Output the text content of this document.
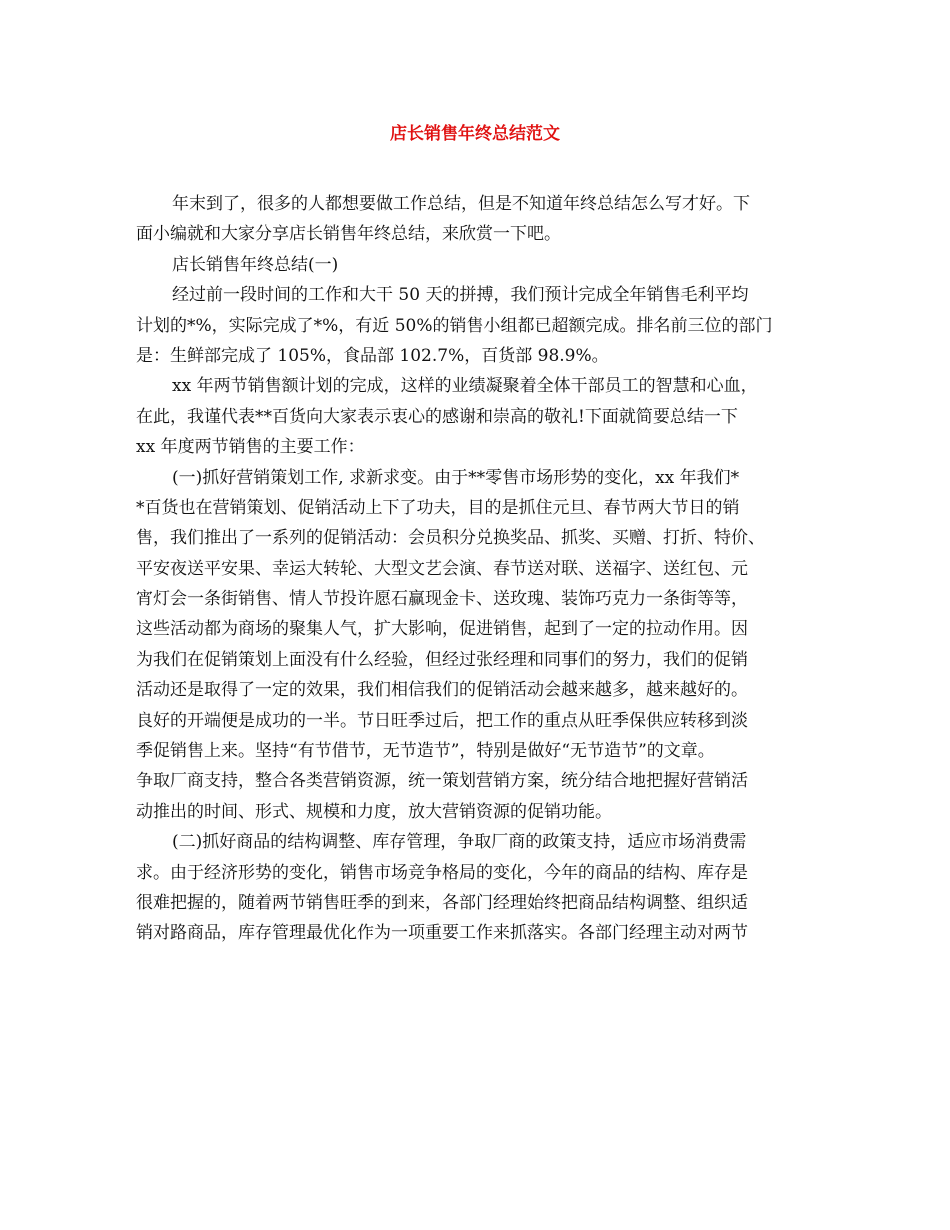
店长销售年终总结范文
年末到了，很多的人都想要做工作总结，但是不知道年终总结怎么写才好。下
面小编就和大家分享店长销售年终总结，来欣赏一下吧。
店长销售年终总结(一)
经过前一段时间的工作和大干 50 天的拼搏，我们预计完成全年销售毛利平均
计划的*%，实际完成了*%，有近 50%的销售小组都已超额完成。排名前三位的部门
是：生鲜部完成了 105%，食品部 102.7%，百货部 98.9%。
xx 年两节销售额计划的完成，这样的业绩凝聚着全体干部员工的智慧和心血，
在此，我谨代表**百货向大家表示衷心的感谢和崇高的敬礼!下面就简要总结一下
xx 年度两节销售的主要工作：
(一)抓好营销策划工作, 求新求变。由于**零售市场形势的变化，xx 年我们*
*百货也在营销策划、促销活动上下了功夫，目的是抓住元旦、春节两大节日的销
售，我们推出了一系列的促销活动：会员积分兑换奖品、抓奖、买赠、打折、特价、
平安夜送平安果、幸运大转轮、大型文艺会演、春节送对联、送福字、送红包、元
宵灯会一条街销售、情人节投许愿石赢现金卡、送玫瑰、装饰巧克力一条街等等，
这些活动都为商场的聚集人气，扩大影响，促进销售，起到了一定的拉动作用。因
为我们在促销策划上面没有什么经验，但经过张经理和同事们的努力，我们的促销
活动还是取得了一定的效果，我们相信我们的促销活动会越来越多，越来越好的。
良好的开端便是成功的一半。节日旺季过后，把工作的重点从旺季保供应转移到淡
季促销售上来。坚持“有节借节，无节造节”，特别是做好“无节造节”的文章。
争取厂商支持，整合各类营销资源，统一策划营销方案，统分结合地把握好营销活
动推出的时间、形式、规模和力度，放大营销资源的促销功能。
(二)抓好商品的结构调整、库存管理，争取厂商的政策支持，适应市场消费需
求。由于经济形势的变化，销售市场竞争格局的变化，今年的商品的结构、库存是
很难把握的，随着两节销售旺季的到来，各部门经理始终把商品结构调整、组织适
销对路商品，库存管理最优化作为一项重要工作来抓落实。各部门经理主动对两节
